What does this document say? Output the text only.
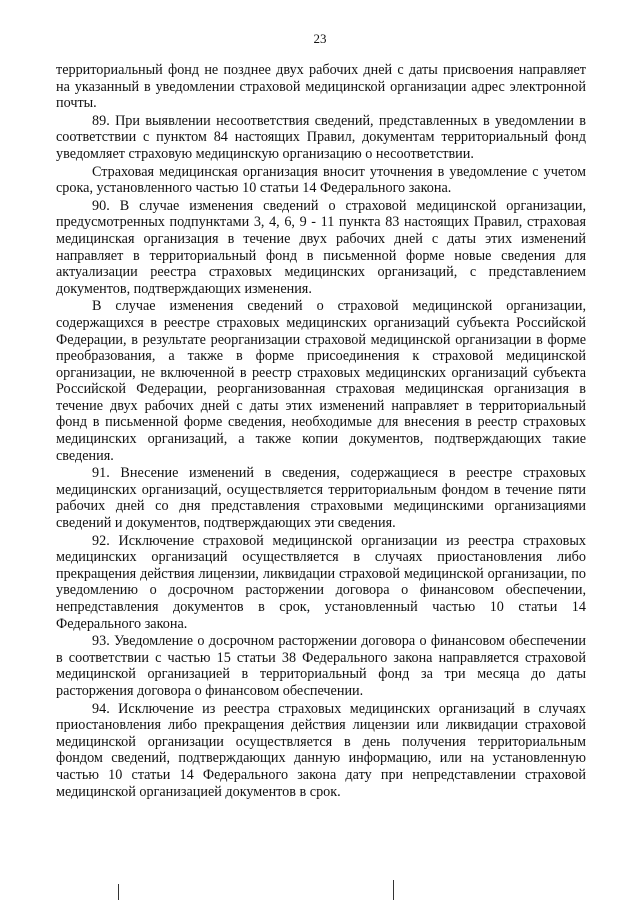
23

территориальный фонд не позднее двух рабочих дней с даты присвоения направляет на указанный в уведомлении страховой медицинской организации адрес электронной почты.

89. При выявлении несоответствия сведений, представленных в уведомлении в соответствии с пунктом 84 настоящих Правил, документам территориальный фонд уведомляет страховую медицинскую организацию о несоответствии.

Страховая медицинская организация вносит уточнения в уведомление с учетом срока, установленного частью 10 статьи 14 Федерального закона.

90. В случае изменения сведений о страховой медицинской организации, предусмотренных подпунктами 3, 4, 6, 9 - 11 пункта 83 настоящих Правил, страховая медицинская организация в течение двух рабочих дней с даты этих изменений направляет в территориальный фонд в письменной форме новые сведения для актуализации реестра страховых медицинских организаций, с представлением документов, подтверждающих изменения.

В случае изменения сведений о страховой медицинской организации, содержащихся в реестре страховых медицинских организаций субъекта Российской Федерации, в результате реорганизации страховой медицинской организации в форме преобразования, а также в форме присоединения к страховой медицинской организации, не включенной в реестр страховых медицинских организаций субъекта Российской Федерации, реорганизованная страховая медицинская организация в течение двух рабочих дней с даты этих изменений направляет в территориальный фонд в письменной форме сведения, необходимые для внесения в реестр страховых медицинских организаций, а также копии документов, подтверждающих такие сведения.

91. Внесение изменений в сведения, содержащиеся в реестре страховых медицинских организаций, осуществляется территориальным фондом в течение пяти рабочих дней со дня представления страховыми медицинскими организациями сведений и документов, подтверждающих эти сведения.

92. Исключение страховой медицинской организации из реестра страховых медицинских организаций осуществляется в случаях приостановления либо прекращения действия лицензии, ликвидации страховой медицинской организации, по уведомлению о досрочном расторжении договора о финансовом обеспечении, непредставления документов в срок, установленный частью 10 статьи 14 Федерального закона.

93. Уведомление о досрочном расторжении договора о финансовом обеспечении в соответствии с частью 15 статьи 38 Федерального закона направляется страховой медицинской организацией в территориальный фонд за три месяца до даты расторжения договора о финансовом обеспечении.

94. Исключение из реестра страховых медицинских организаций в случаях приостановления либо прекращения действия лицензии или ликвидации страховой медицинской организации осуществляется в день получения территориальным фондом сведений, подтверждающих данную информацию, или на установленную частью 10 статьи 14 Федерального закона дату при непредставлении страховой медицинской организацией документов в срок.
